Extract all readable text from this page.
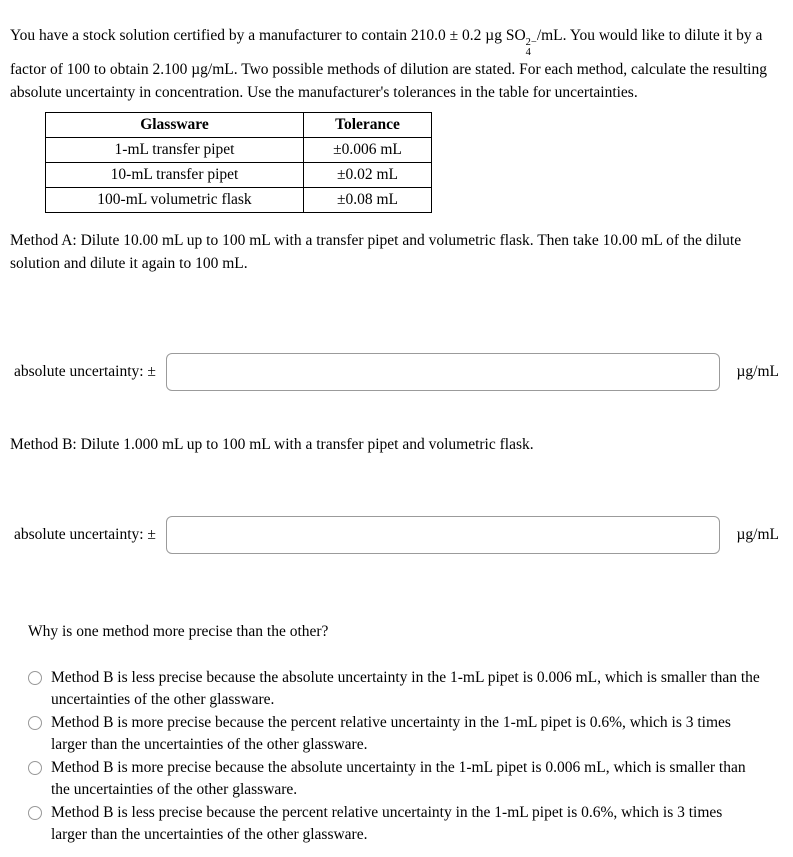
You have a stock solution certified by a manufacturer to contain 210.0 ± 0.2 µg SO 2−
4
/mL. You would like to dilute it by a factor of 100 to obtain 2.100 µg/mL. Two possible methods of dilution are stated. For each method, calculate the resulting absolute uncertainty in concentration. Use the manufacturer's tolerances in the table for uncertainties.

Glassware	Tolerance
1-mL transfer pipet	±0.006 mL
10-mL transfer pipet	±0.02 mL
100-mL volumetric flask	±0.08 mL

Method A: Dilute 10.00 mL up to 100 mL with a transfer pipet and volumetric flask. Then take 10.00 mL of the dilute solution and dilute it again to 100 mL.

absolute uncertainty: ±	µg/mL

Method B: Dilute 1.000 mL up to 100 mL with a transfer pipet and volumetric flask.

absolute uncertainty: ±	µg/mL

Why is one method more precise than the other?

Method B is less precise because the absolute uncertainty in the 1-mL pipet is 0.006 mL, which is smaller than the uncertainties of the other glassware.
Method B is more precise because the percent relative uncertainty in the 1-mL pipet is 0.6%, which is 3 times larger than the uncertainties of the other glassware.
Method B is more precise because the absolute uncertainty in the 1-mL pipet is 0.006 mL, which is smaller than the uncertainties of the other glassware.
Method B is less precise because the percent relative uncertainty in the 1-mL pipet is 0.6%, which is 3 times larger than the uncertainties of the other glassware.
